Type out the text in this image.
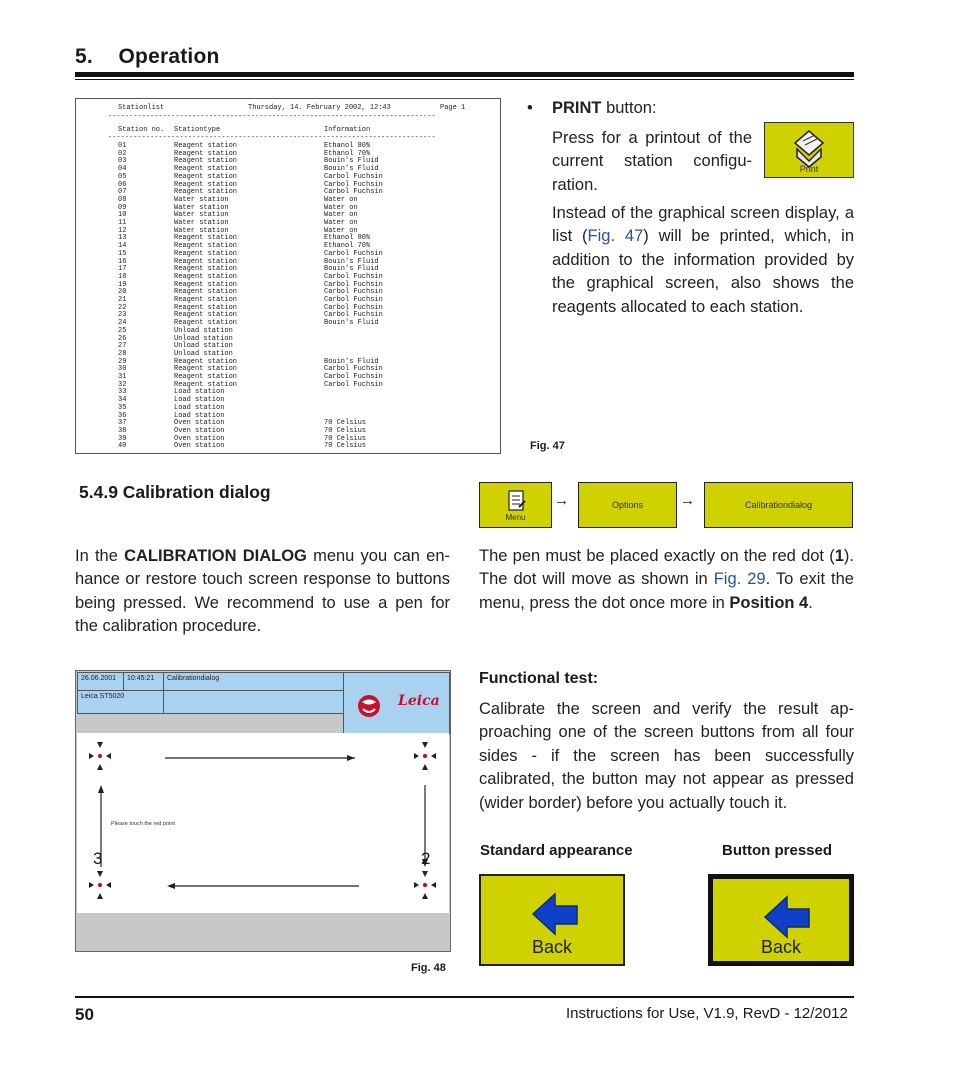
5.  Operation
Stationlist	Thursday, 14. February 2002, 12:43	Page 1
------------------------------------------------------------------------------
Station no. Stationtype	Information
------------------------------------------------------------------------------
01	Reagent station	Ethanol 80%
02	Reagent station	Ethanol 70%
03	Reagent station	Bouin's Fluid
04	Reagent station	Bouin's Fluid
05	Reagent station	Carbol Fuchsin
06	Reagent station	Carbol Fuchsin
07	Reagent station	Carbol Fuchsin
08	Water station	Water on
09	Water station	Water on
10	Water station	Water on
11	Water station	Water on
12	Water station	Water on
13	Reagent station	Ethanol 80%
14	Reagent station	Ethanol 70%
15	Reagent station	Carbol Fuchsin
16	Reagent station	Bouin's Fluid
17	Reagent station	Bouin's Fluid
18	Reagent station	Carbol Fuchsin
19	Reagent station	Carbol Fuchsin
20	Reagent station	Carbol Fuchsin
21	Reagent station	Carbol Fuchsin
22	Reagent station	Carbol Fuchsin
23	Reagent station	Carbol Fuchsin
24	Reagent station	Bouin's Fluid
25	Unload station
26	Unload station
27	Unload station
28	Unload station
29	Reagent station	Bouin's Fluid
30	Reagent station	Carbol Fuchsin
31	Reagent station	Carbol Fuchsin
32	Reagent station	Carbol Fuchsin
33	Load station
34	Load station
35	Load station
36	Load station
37	Oven station	70 Celsius
38	Oven station	70 Celsius
39	Oven station	70 Celsius
40	Oven station	70 Celsius
• PRINT button:
Press for a printout of the current station configuration.
Print
Instead of the graphical screen display, a list (Fig. 47) will be printed, which, in addition to the information provided by the graphical screen, also shows the reagents allocated to each station.
Fig. 47
5.4.9 Calibration dialog
Menu
→	Options →	Calibrationdialog
In the CALIBRATION DIALOG menu you can enhance or restore touch screen response to buttons being pressed. We recommend to use a pen for the calibration procedure.
The pen must be placed exactly on the red dot (1). The dot will move as shown in Fig. 29. To exit the menu, press the dot once more in Position 4.
26.06.2001	10:45:21	Calibrationdialog
Leica ST5020	Leica
Please touch the red point
3	2
Fig. 48
Functional test:
Calibrate the screen and verify the result approaching one of the screen buttons from all four sides - if the screen has been successfully calibrated, the button may not appear as pressed (wider border) before you actually touch it.
Standard appearance	Button pressed
Back	Back
50	Instructions for Use, V1.9, RevD - 12/2012
